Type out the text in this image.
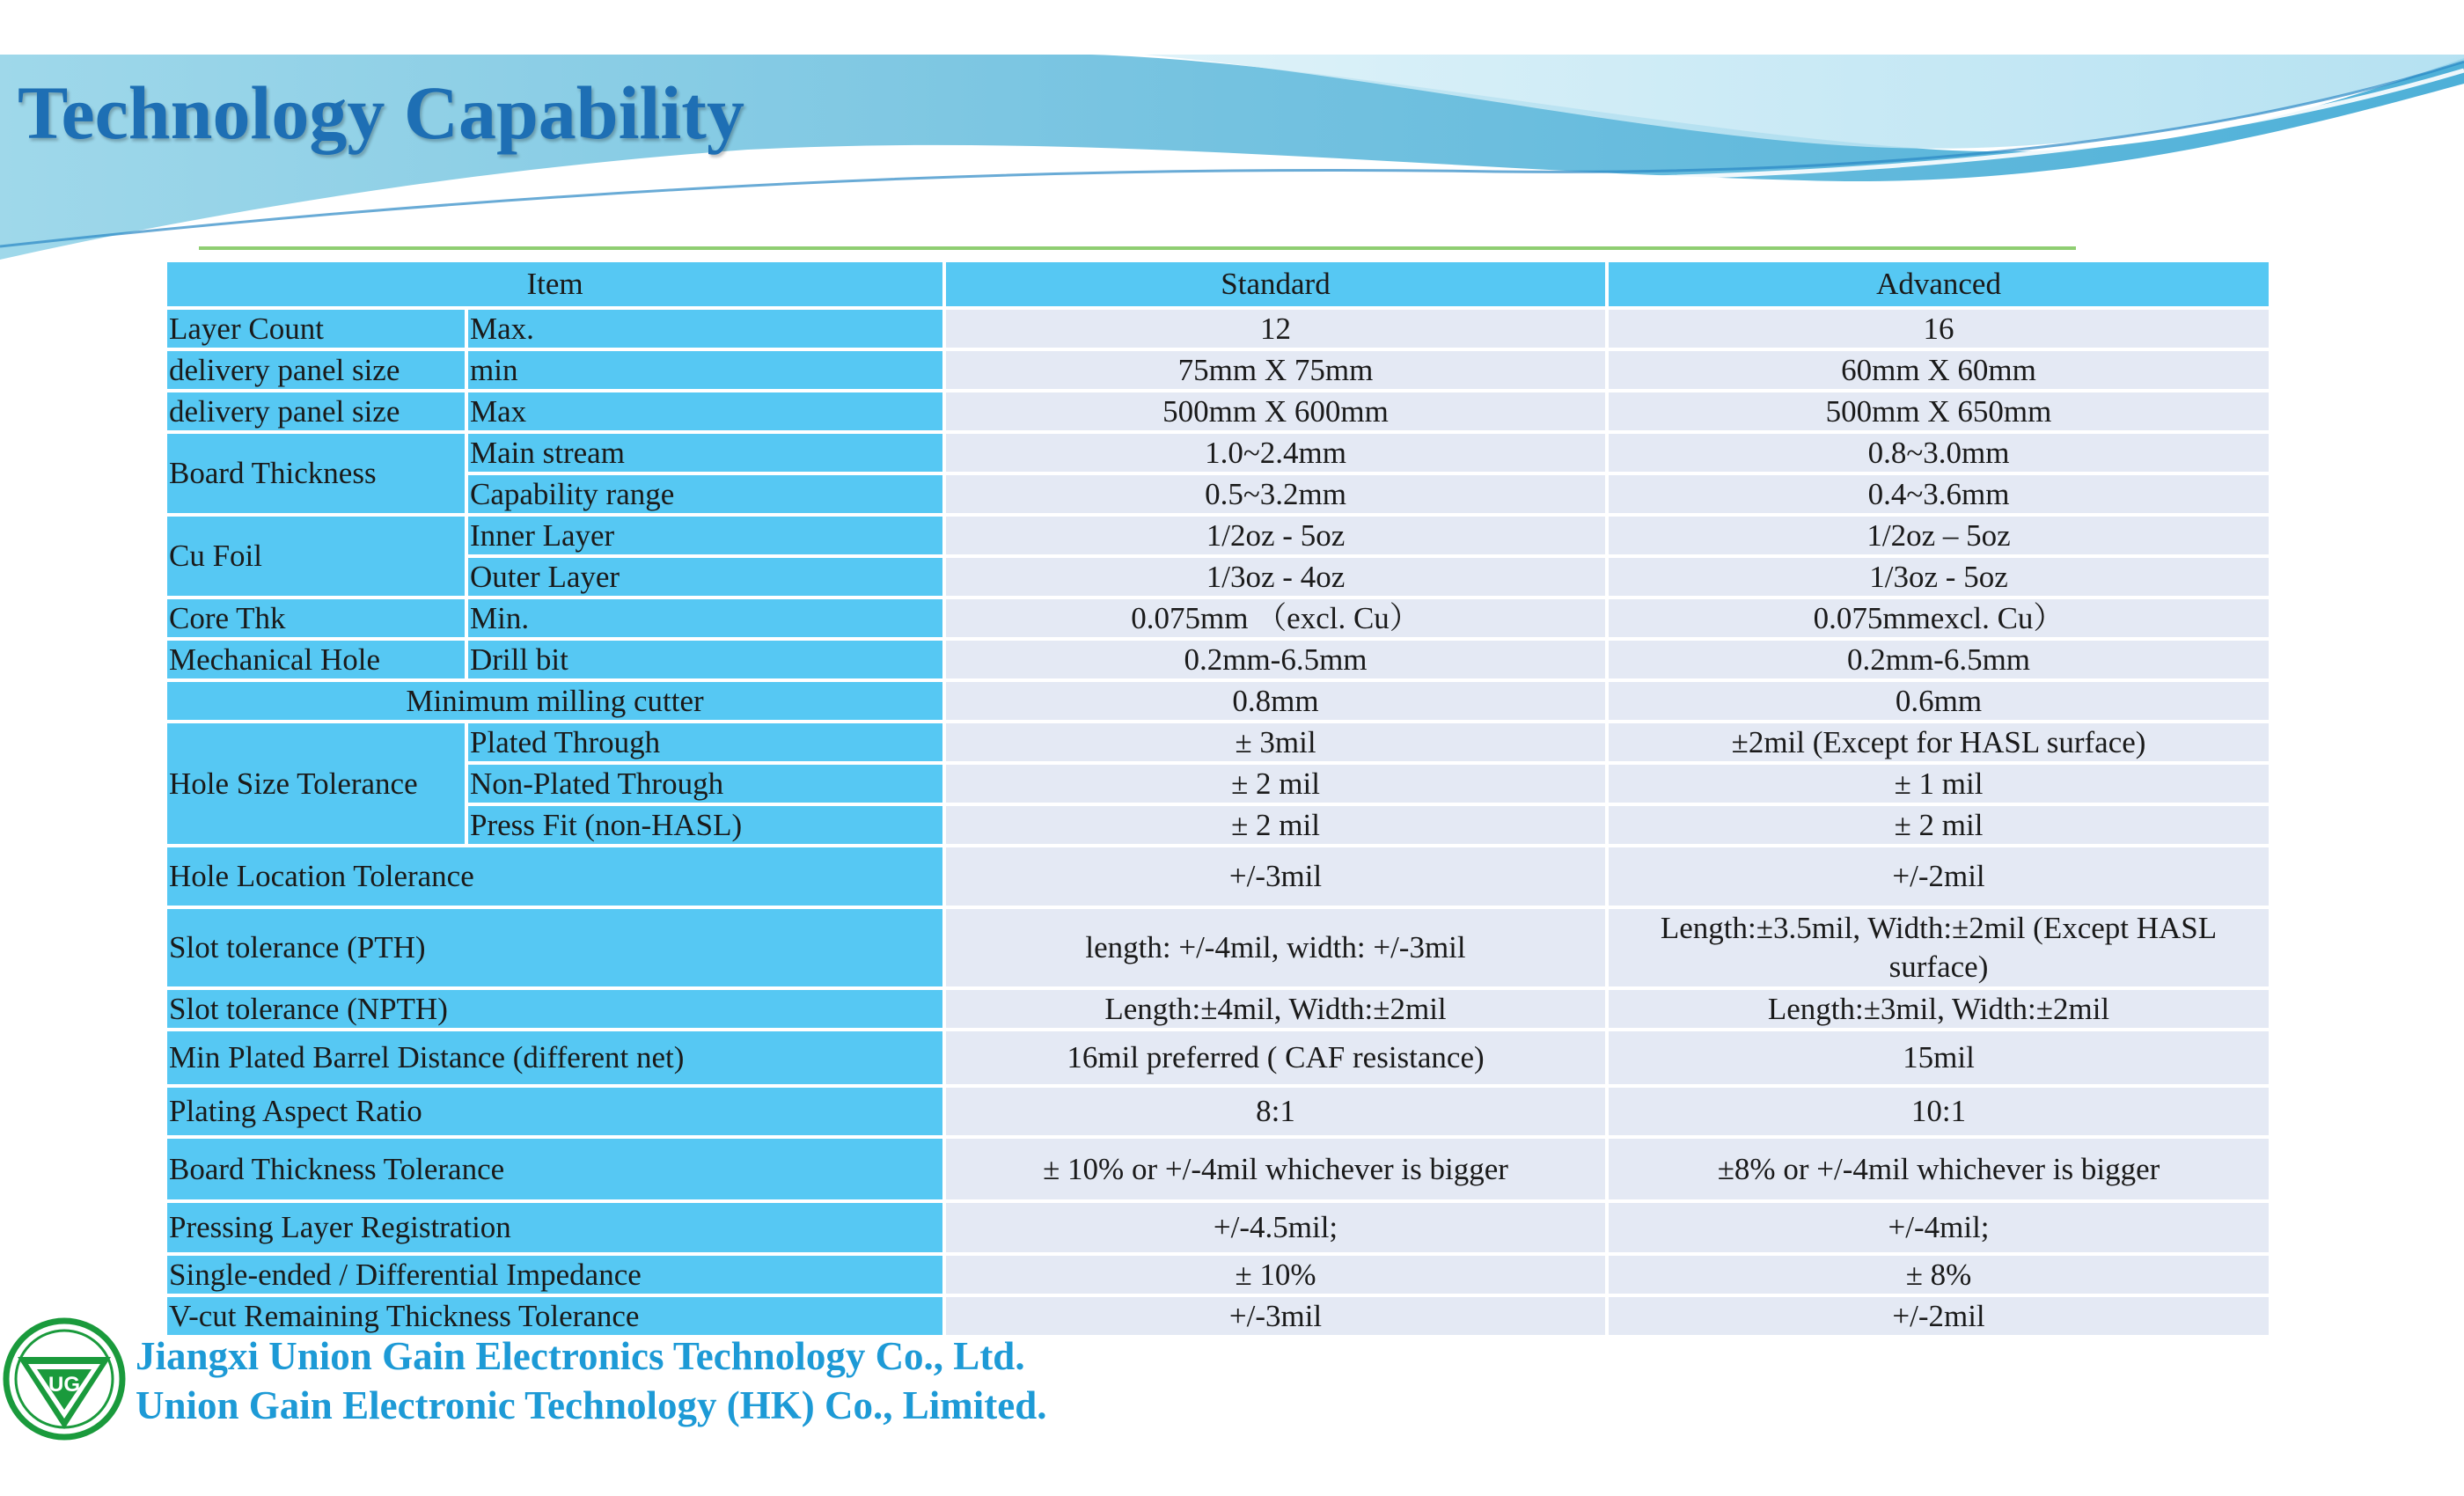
Technology Capability
Item		Standard	Advanced
Layer Count	Max.	12	16
delivery panel size	min	75mm X 75mm	60mm X 60mm
delivery panel size	Max	500mm X 600mm	500mm X 650mm
Board Thickness	Main stream	1.0~2.4mm	0.8~3.0mm
	Capability range	0.5~3.2mm	0.4~3.6mm
Cu Foil	Inner Layer	1/2oz - 5oz	1/2oz – 5oz
	Outer Layer	1/3oz - 4oz	1/3oz - 5oz
Core Thk	Min.	0.075mm （excl. Cu）	0.075mmexcl. Cu）
Mechanical Hole	Drill bit	0.2mm-6.5mm	0.2mm-6.5mm
Minimum milling cutter		0.8mm	0.6mm
Hole Size Tolerance	Plated Through	± 3mil	±2mil (Except for HASL surface)
	Non-Plated Through	± 2 mil	± 1 mil
	Press Fit (non-HASL)	± 2 mil	± 2 mil
Hole Location Tolerance		+/-3mil	+/-2mil
Slot tolerance (PTH)		length: +/-4mil, width: +/-3mil	Length:±3.5mil, Width:±2mil (Except HASL surface)
Slot tolerance (NPTH)		Length:±4mil, Width:±2mil	Length:±3mil, Width:±2mil
Min Plated Barrel Distance (different net)		16mil preferred ( CAF resistance)	15mil
Plating Aspect Ratio		8:1	10:1
Board Thickness Tolerance		± 10% or +/-4mil whichever is bigger	±8% or +/-4mil whichever is bigger
Pressing Layer Registration		+/-4.5mil;	+/-4mil;
Single-ended / Differential Impedance		± 10%	± 8%
V-cut Remaining Thickness Tolerance		+/-3mil	+/-2mil
UG

Jiangxi Union Gain Electronics Technology Co., Ltd.

Union Gain Electronic Technology (HK) Co., Limited.
